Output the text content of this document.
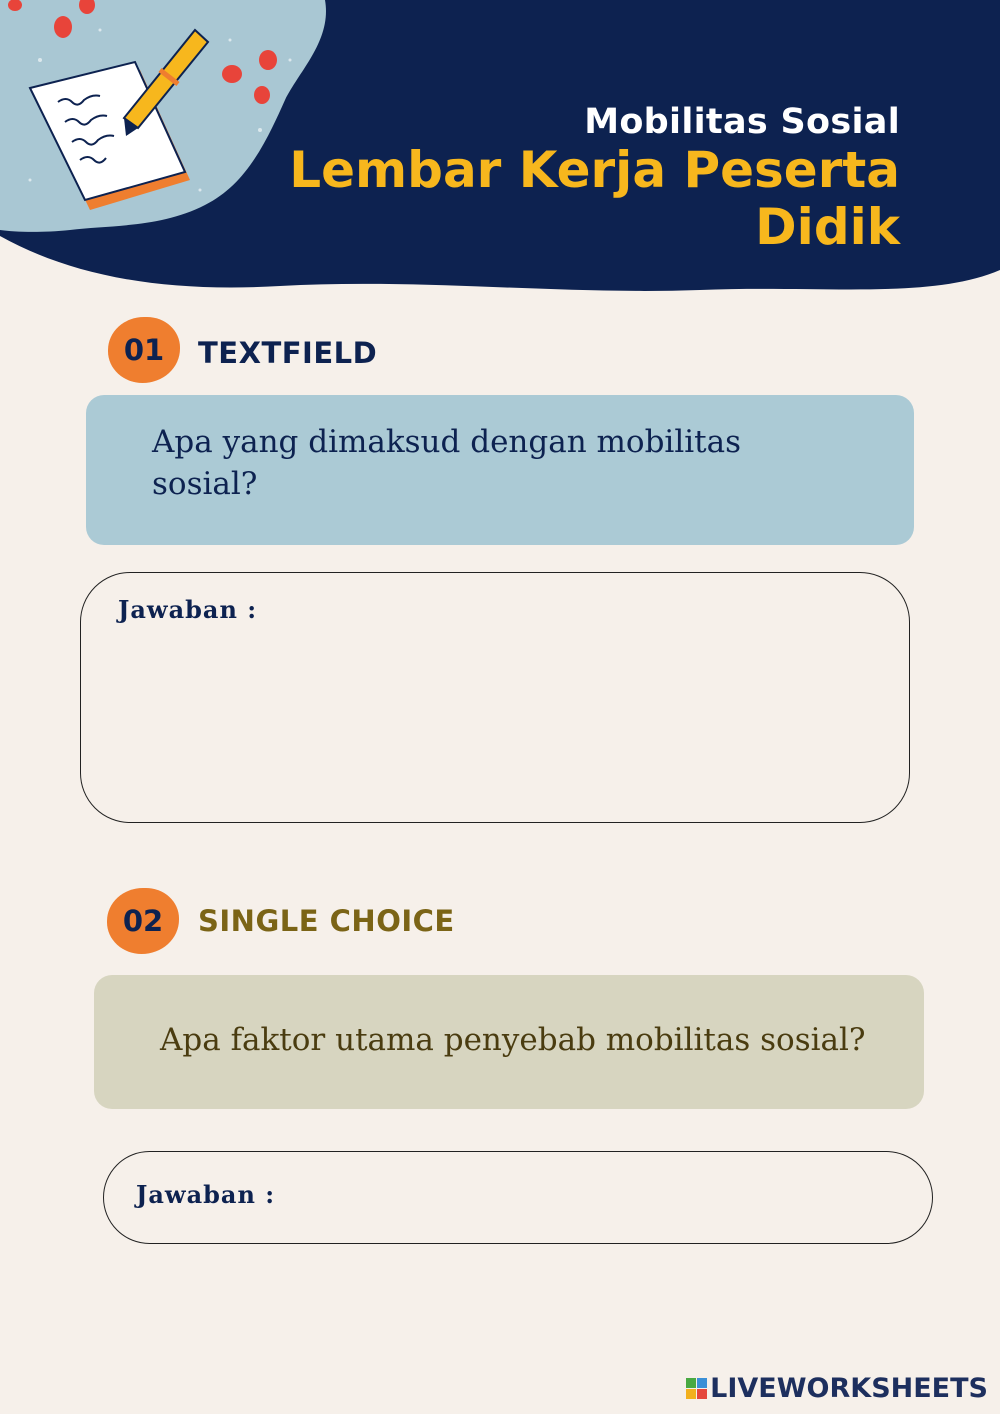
Mobilitas Sosial
Lembar Kerja Peserta Didik
01	TEXTFIELD
Apa yang dimaksud dengan mobilitas
sosial?
Jawaban :
02	SINGLE CHOICE
Apa faktor utama penyebab mobilitas sosial?
Jawaban :
LIVEWORKSHEETS
